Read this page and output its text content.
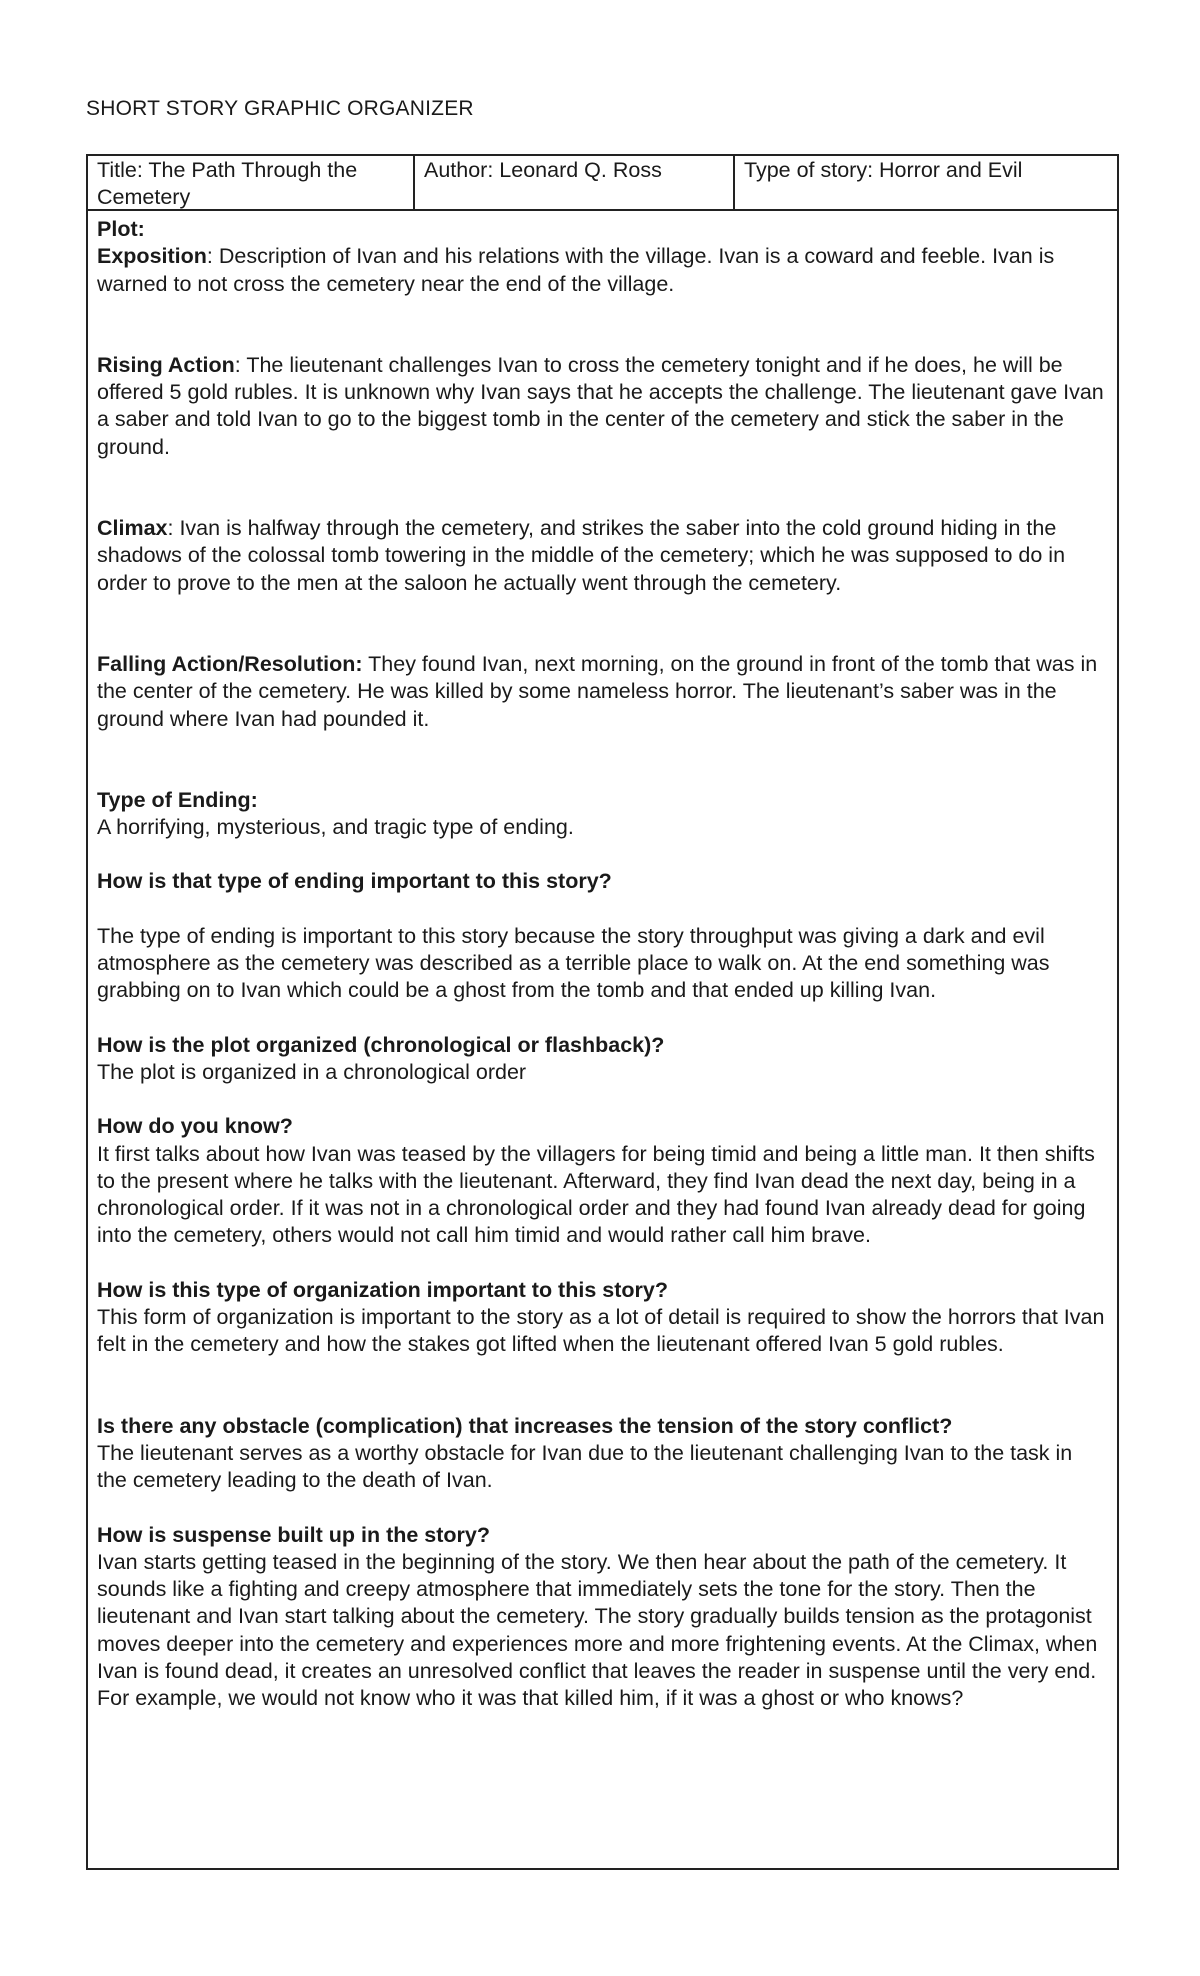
SHORT STORY GRAPHIC ORGANIZER
Title: The Path Through the Cemetery
Author: Leonard Q. Ross	Type of story: Horror and Evil

Plot:

Exposition: Description of Ivan and his relations with the village. Ivan is a coward and feeble. Ivan is warned to not cross the cemetery near the end of the village.

Rising Action: The lieutenant challenges Ivan to cross the cemetery tonight and if he does, he will be offered 5 gold rubles. It is unknown why Ivan says that he accepts the challenge. The lieutenant gave Ivan a saber and told Ivan to go to the biggest tomb in the center of the cemetery and stick the saber in the ground.

Climax: Ivan is halfway through the cemetery, and strikes the saber into the cold ground hiding in the shadows of the colossal tomb towering in the middle of the cemetery; which he was supposed to do in order to prove to the men at the saloon he actually went through the cemetery.

Falling Action/Resolution: They found Ivan, next morning, on the ground in front of the tomb that was in the center of the cemetery. He was killed by some nameless horror. The lieutenant’s saber was in the ground where Ivan had pounded it.

Type of Ending:

A horrifying, mysterious, and tragic type of ending.

How is that type of ending important to this story?

The type of ending is important to this story because the story throughput was giving a dark and evil atmosphere as the cemetery was described as a terrible place to walk on. At the end something was grabbing on to Ivan which could be a ghost from the tomb and that ended up killing Ivan.

How is the plot organized (chronological or flashback)?

The plot is organized in a chronological order

How do you know?

It first talks about how Ivan was teased by the villagers for being timid and being a little man. It then shifts to the present where he talks with the lieutenant. Afterward, they find Ivan dead the next day, being in a chronological order. If it was not in a chronological order and they had found Ivan already dead for going into the cemetery, others would not call him timid and would rather call him brave.

How is this type of organization important to this story?

This form of organization is important to the story as a lot of detail is required to show the horrors that Ivan felt in the cemetery and how the stakes got lifted when the lieutenant offered Ivan 5 gold rubles.

Is there any obstacle (complication) that increases the tension of the story conflict?

The lieutenant serves as a worthy obstacle for Ivan due to the lieutenant challenging Ivan to the task in the cemetery leading to the death of Ivan.

How is suspense built up in the story?

Ivan starts getting teased in the beginning of the story. We then hear about the path of the cemetery. It sounds like a fighting and creepy atmosphere that immediately sets the tone for the story. Then the lieutenant and Ivan start talking about the cemetery. The story gradually builds tension as the protagonist moves deeper into the cemetery and experiences more and more frightening events. At the Climax, when Ivan is found dead, it creates an unresolved conflict that leaves the reader in suspense until the very end. For example, we would not know who it was that killed him, if it was a ghost or who knows?
